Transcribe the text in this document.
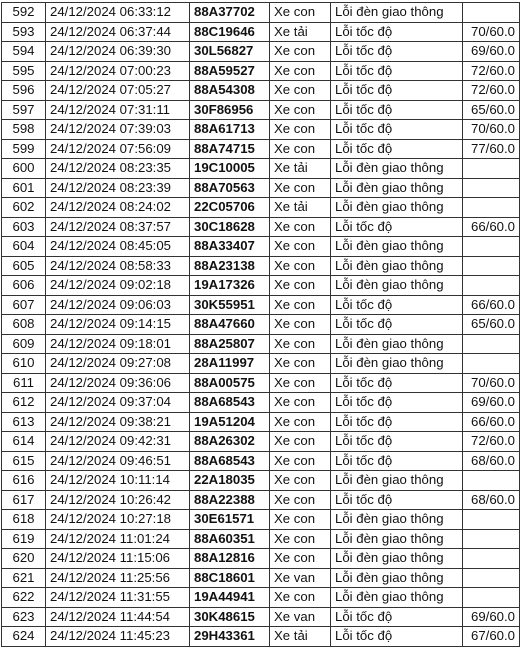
592	24/12/2024 06:33:12	88A37702	Xe con	Lỗi đèn giao thông	
593	24/12/2024 06:37:44	88C19646	Xe tải	Lỗi tốc độ	70/60.0
594	24/12/2024 06:39:30	30L56827	Xe con	Lỗi tốc độ	69/60.0
595	24/12/2024 07:00:23	88A59527	Xe con	Lỗi tốc độ	72/60.0
596	24/12/2024 07:05:27	88A54308	Xe con	Lỗi tốc độ	72/60.0
597	24/12/2024 07:31:11	30F86956	Xe con	Lỗi tốc độ	65/60.0
598	24/12/2024 07:39:03	88A61713	Xe con	Lỗi tốc độ	70/60.0
599	24/12/2024 07:56:09	88A74715	Xe con	Lỗi tốc độ	77/60.0
600	24/12/2024 08:23:35	19C10005	Xe tải	Lỗi đèn giao thông	
601	24/12/2024 08:23:39	88A70563	Xe con	Lỗi đèn giao thông	
602	24/12/2024 08:24:02	22C05706	Xe tải	Lỗi đèn giao thông	
603	24/12/2024 08:37:57	30C18628	Xe con	Lỗi tốc độ	66/60.0
604	24/12/2024 08:45:05	88A33407	Xe con	Lỗi đèn giao thông	
605	24/12/2024 08:58:33	88A23138	Xe con	Lỗi đèn giao thông	
606	24/12/2024 09:02:18	19A17326	Xe con	Lỗi đèn giao thông	
607	24/12/2024 09:06:03	30K55951	Xe con	Lỗi tốc độ	66/60.0
608	24/12/2024 09:14:15	88A47660	Xe con	Lỗi tốc độ	65/60.0
609	24/12/2024 09:18:01	88A25807	Xe con	Lỗi đèn giao thông	
610	24/12/2024 09:27:08	28A11997	Xe con	Lỗi đèn giao thông	
611	24/12/2024 09:36:06	88A00575	Xe con	Lỗi tốc độ	70/60.0
612	24/12/2024 09:37:04	88A68543	Xe con	Lỗi tốc độ	69/60.0
613	24/12/2024 09:38:21	19A51204	Xe con	Lỗi tốc độ	66/60.0
614	24/12/2024 09:42:31	88A26302	Xe con	Lỗi tốc độ	72/60.0
615	24/12/2024 09:46:51	88A68543	Xe con	Lỗi tốc độ	68/60.0
616	24/12/2024 10:11:14	22A18035	Xe con	Lỗi đèn giao thông	
617	24/12/2024 10:26:42	88A22388	Xe con	Lỗi tốc độ	68/60.0
618	24/12/2024 10:27:18	30E61571	Xe con	Lỗi đèn giao thông	
619	24/12/2024 11:01:24	88A60351	Xe con	Lỗi đèn giao thông	
620	24/12/2024 11:15:06	88A12816	Xe con	Lỗi đèn giao thông	
621	24/12/2024 11:25:56	88C18601	Xe van	Lỗi đèn giao thông	
622	24/12/2024 11:31:55	19A44941	Xe con	Lỗi đèn giao thông	
623	24/12/2024 11:44:54	30K48615	Xe van	Lỗi tốc độ	69/60.0
624	24/12/2024 11:45:23	29H43361	Xe tải	Lỗi tốc độ	67/60.0
